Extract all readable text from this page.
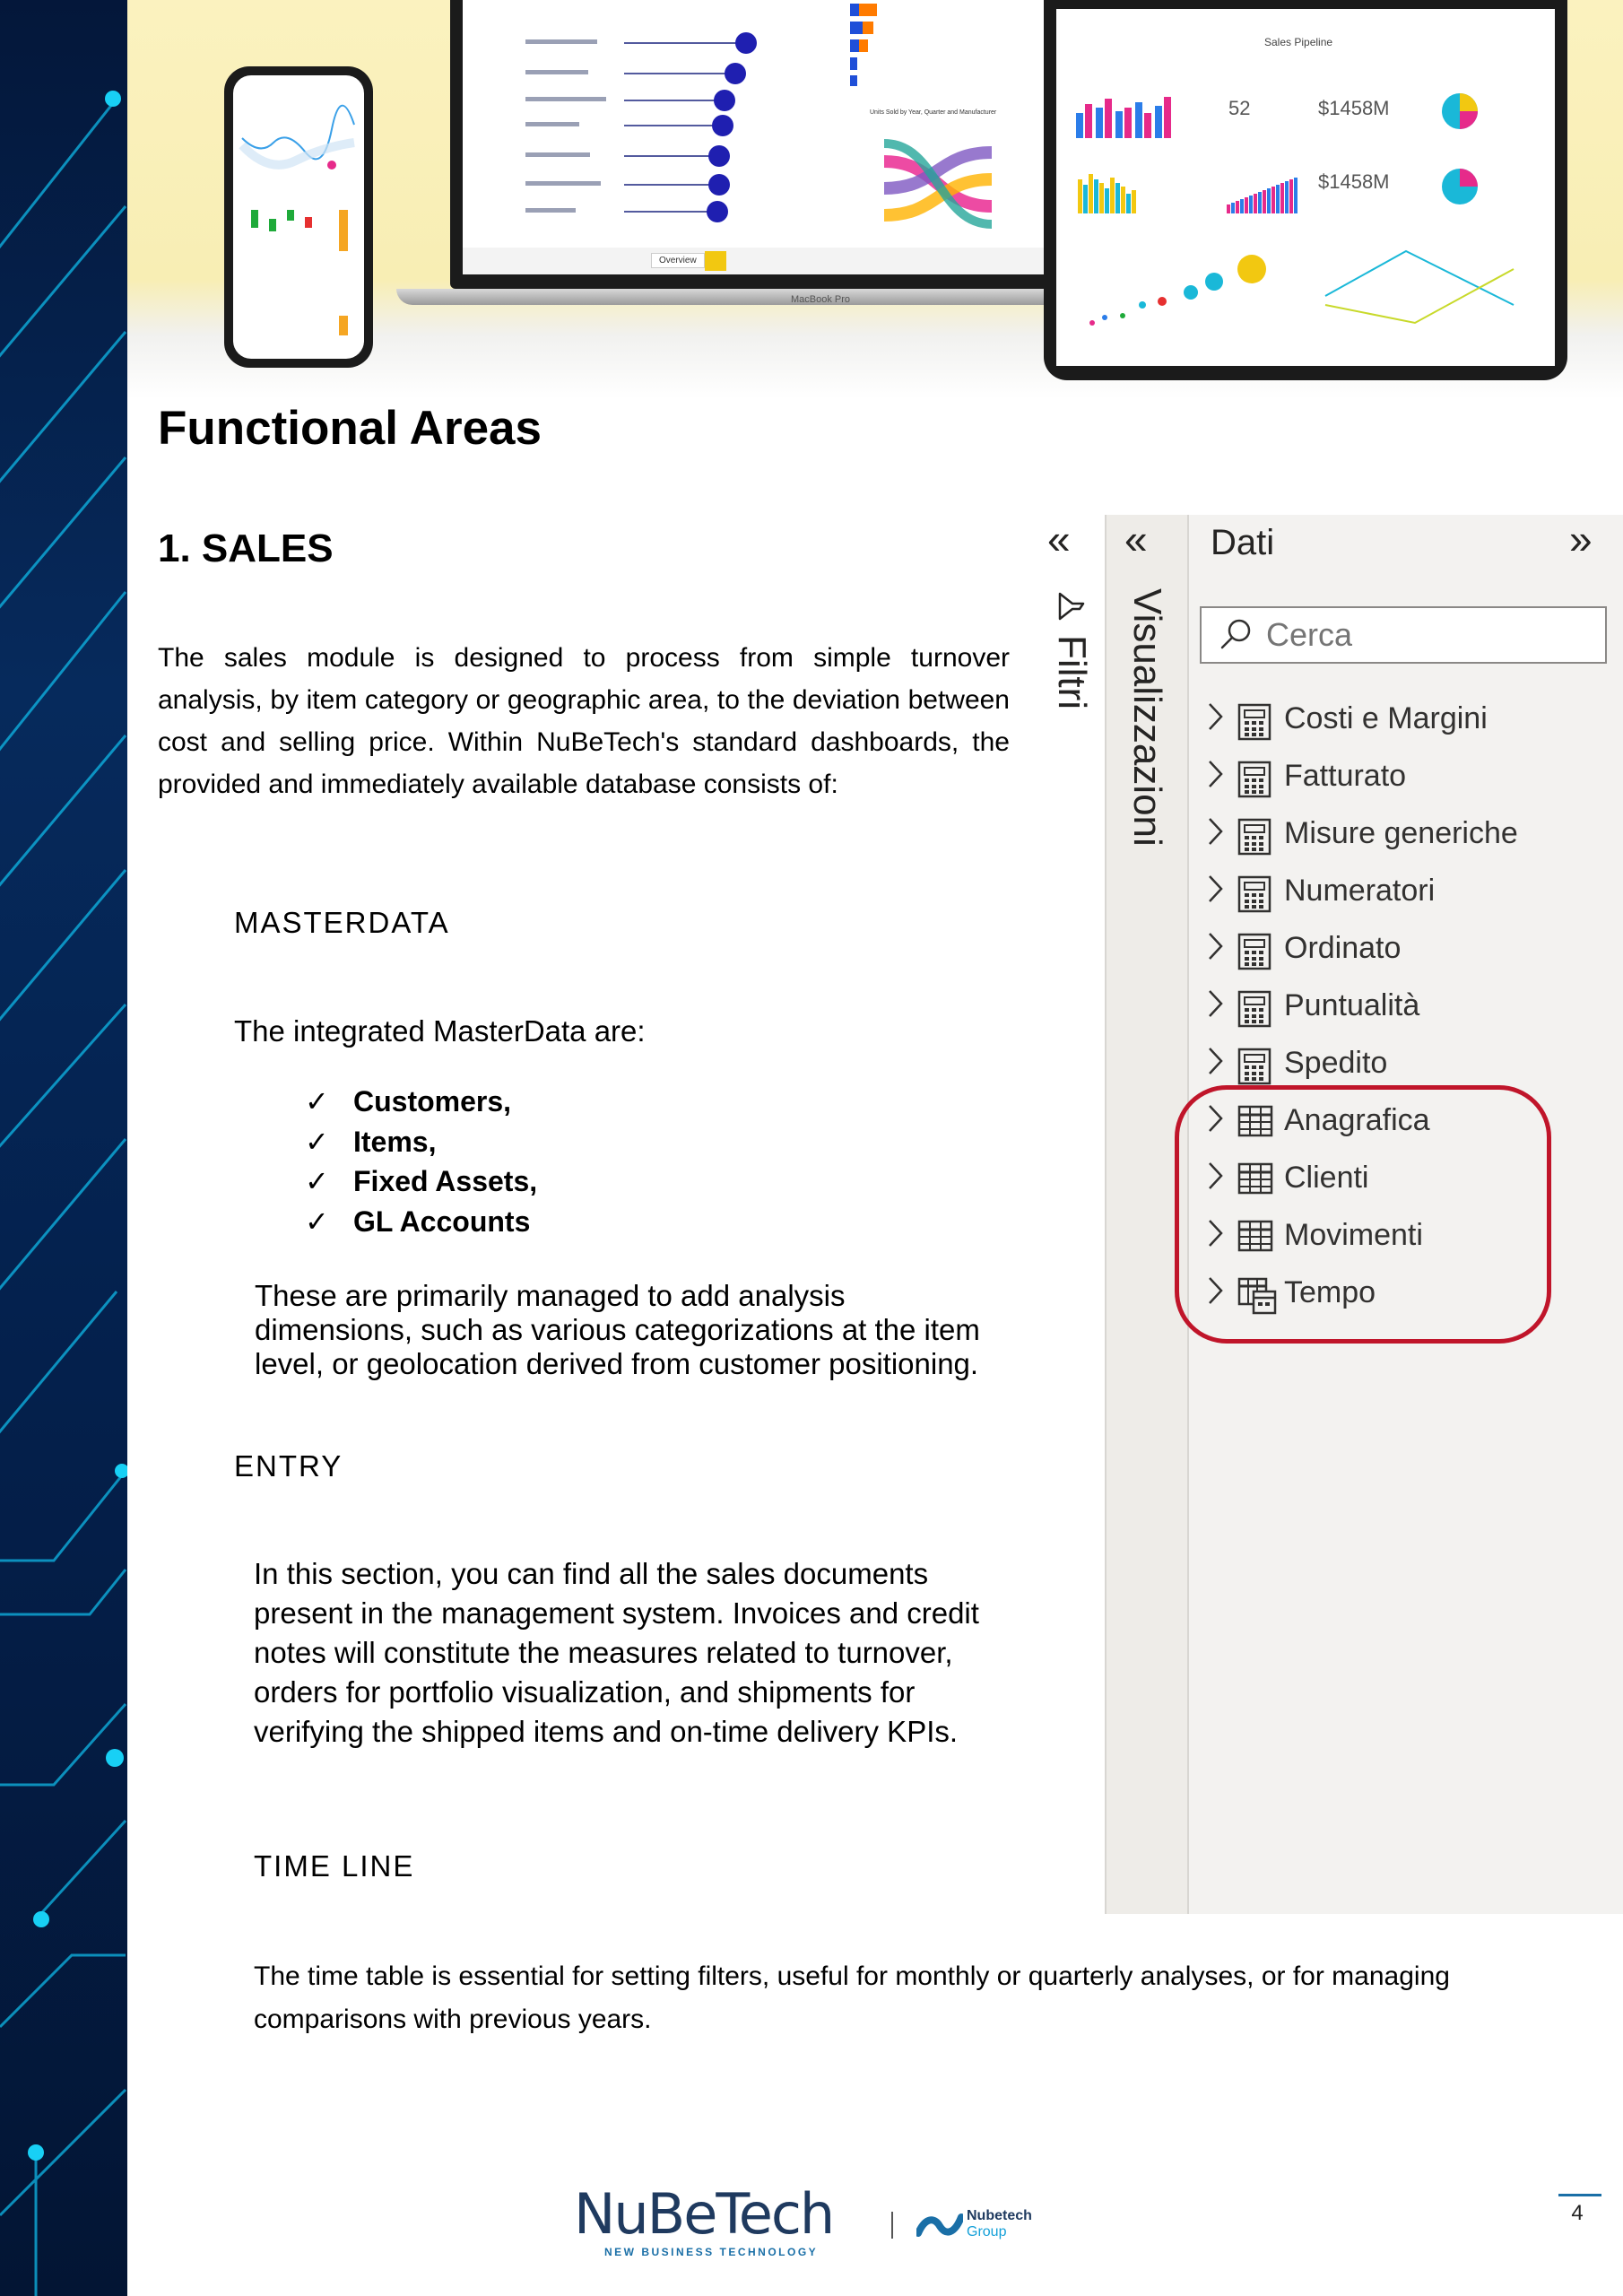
MacBook Pro
Units Sold by Year, Quarter and Manufacturer
Overview
Sales Pipeline
52	$1458M
$1458M
Functional Areas
1. SALES
The sales module is designed to process from simple turnover analysis, by item category or geographic area, to the deviation between cost and selling price. Within NuBeTech's standard dashboards, the provided and immediately available database consists of:
MASTERDATA
The integrated MasterData are:
✓ Customers,
✓ Items,
✓ Fixed Assets,
✓ GL Accounts
These are primarily managed to add analysis dimensions, such as various categorizations at the item level, or geolocation derived from customer positioning.
ENTRY
In this section, you can find all the sales documents present in the management system. Invoices and credit notes will constitute the measures related to turnover, orders for portfolio visualization, and shipments for verifying the shipped items and on-time delivery KPIs.
TIME LINE
The time table is essential for setting filters, useful for monthly or quarterly analyses, or for managing comparisons with previous years.
«
Filtri
«
Visualizzazioni
Dati	»
Cerca
Costi e Margini
Fatturato
Misure generiche
Numeratori
Ordinato
Puntualità
Spedito
Anagrafica
Clienti
Movimenti
Tempo
NuBeTech
NEW BUSINESS TECHNOLOGY
Nubetech
Group
4
